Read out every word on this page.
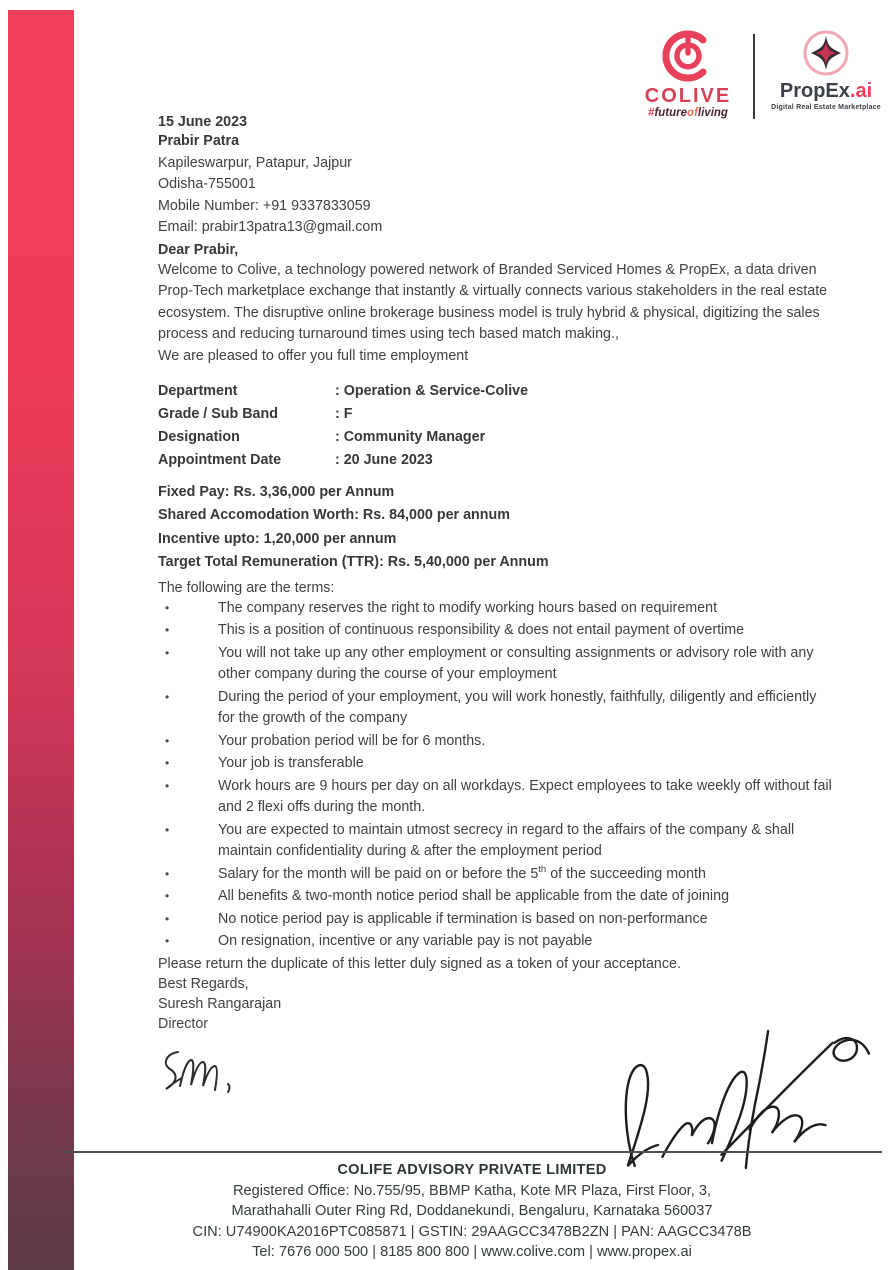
COLIVE
#futureofliving
PropEx.ai
Digital Real Estate Marketplace

15 June 2023

Prabir Patra

Kapileswarpur, Patapur, Jajpur

Odisha-755001

Mobile Number: +91 9337833059

Email: prabir13patra13@gmail.com

Dear Prabir,

Welcome to Colive, a technology powered network of Branded Serviced Homes & PropEx, a data driven Prop-Tech marketplace exchange that instantly & virtually connects various stakeholders in the real estate ecosystem. The disruptive online brokerage business model is truly hybrid & physical, digitizing the sales process and reducing turnaround times using tech based match making.,

We are pleased to offer you full time employment

Department	: Operation & Service-Colive
Grade / Sub Band	: F
Designation	: Community Manager
Appointment Date	: 20 June 2023

Fixed Pay: Rs. 3,36,000 per Annum

Shared Accomodation Worth: Rs. 84,000 per annum

Incentive upto: 1,20,000 per annum

Target Total Remuneration (TTR): Rs. 5,40,000 per Annum

The following are the terms:

•	The company reserves the right to modify working hours based on requirement
•	This is a position of continuous responsibility & does not entail payment of overtime
•	You will not take up any other employment or consulting assignments or advisory role with any other company during the course of your employment
•	During the period of your employment, you will work honestly, faithfully, diligently and efficiently for the growth of the company
•	Your probation period will be for 6 months.
•	Your job is transferable
•	Work hours are 9 hours per day on all workdays. Expect employees to take weekly off without fail and 2 flexi offs during the month.
•	You are expected to maintain utmost secrecy in regard to the affairs of the company & shall maintain confidentiality during & after the employment period
•	Salary for the month will be paid on or before the 5th of the succeeding month
•	All benefits & two-month notice period shall be applicable from the date of joining
•	No notice period pay is applicable if termination is based on non-performance
•	On resignation, incentive or any variable pay is not payable

Please return the duplicate of this letter duly signed as a token of your acceptance.

Best Regards,

Suresh Rangarajan

Director

COLIFE ADVISORY PRIVATE LIMITED

Registered Office: No.755/95, BBMP Katha, Kote MR Plaza, First Floor, 3,

Marathahalli Outer Ring Rd, Doddanekundi, Bengaluru, Karnataka 560037

CIN: U74900KA2016PTC085871 | GSTIN: 29AAGCC3478B2ZN | PAN: AAGCC3478B

Tel: 7676 000 500 | 8185 800 800 | www.colive.com | www.propex.ai
